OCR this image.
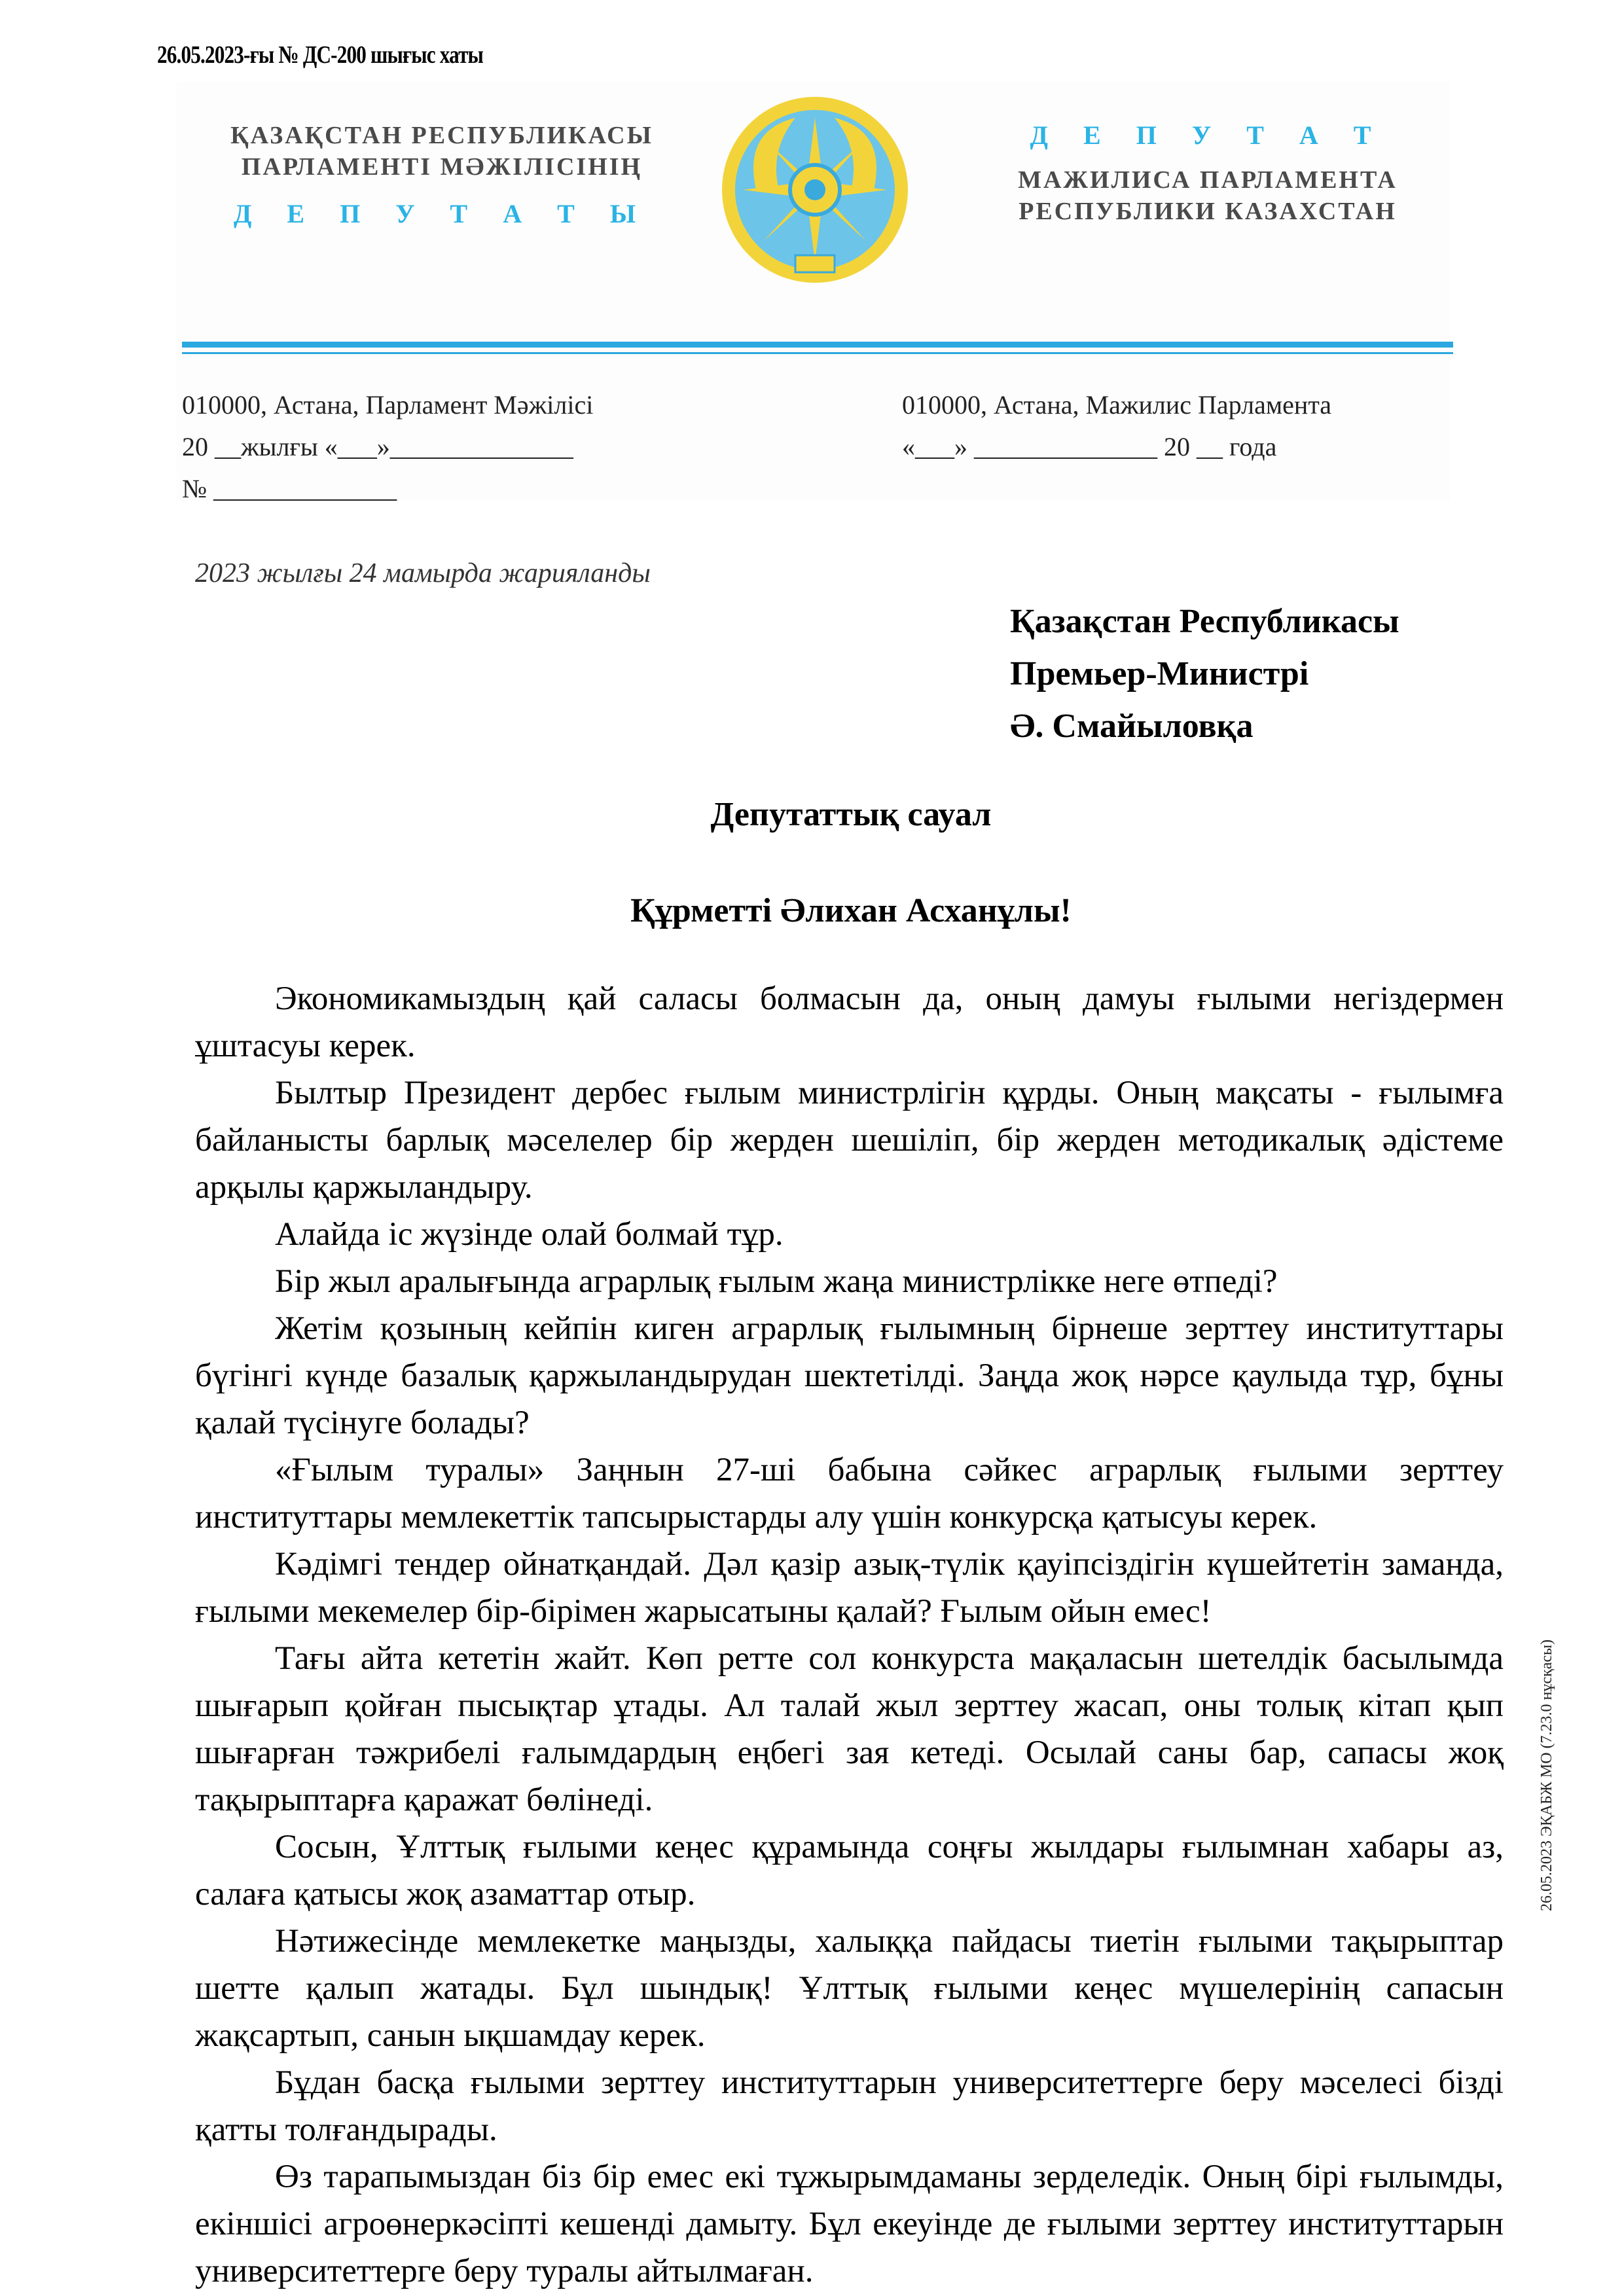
26.05.2023-ғы № ДС-200 шығыс хаты
ҚАЗАҚСТАН РЕСПУБЛИКАСЫ
ПАРЛАМЕНТІ МӘЖІЛІСІНІҢ
Д Е П У Т А Т Ы
Д Е П У Т А Т
МАЖИЛИСА ПАРЛАМЕНТА
РЕСПУБЛИКИ КАЗАХСТАН
010000, Астана, Парламент Мәжілісі
20 __жылғы «___»______________
№ ______________
010000, Астана, Мажилис Парламента
«___» ______________ 20 __ года
2023 жылғы 24 мамырда жарияланды
Қазақстан Республикасы
Премьер-Министрі
Ә. Смайыловқа
Депутаттық сауал
Құрметті Әлихан Асханұлы!

Экономикамыздың қай саласы болмасын да, оның дамуы ғылыми негіздермен ұштасуы керек.

Былтыр Президент дербес ғылым министрлігін құрды. Оның мақсаты - ғылымға байланысты барлық мәселелер бір жерден шешіліп, бір жерден методикалық әдістеме арқылы қаржыландыру.

Алайда іс жүзінде олай болмай тұр.

Бір жыл аралығында аграрлық ғылым жаңа министрлікке неге өтпеді?

Жетім қозының кейпін киген аграрлық ғылымның бірнеше зерттеу институттары бүгінгі күнде базалық қаржыландырудан шектетілді. Заңда жоқ нәрсе қаулыда тұр, бұны қалай түсінуге болады?

«Ғылым туралы» Заңнын 27-ші бабына сәйкес аграрлық ғылыми зерттеу институттары мемлекеттік тапсырыстарды алу үшін конкурсқа қатысуы керек.

Кәдімгі тендер ойнатқандай. Дәл қазір азық-түлік қауіпсіздігін күшейтетін заманда, ғылыми мекемелер бір-бірімен жарысатыны қалай? Ғылым ойын емес!

Тағы айта кететін жайт. Көп ретте сол конкурста мақаласын шетелдік басылымда шығарып қойған пысықтар ұтады. Ал талай жыл зерттеу жасап, оны толық кітап қып шығарған тәжрибелі ғалымдардың еңбегі зая кетеді. Осылай саны бар, сапасы жоқ тақырыптарға қаражат бөлінеді.

Сосын, Ұлттық ғылыми кеңес құрамында соңғы жылдары ғылымнан хабары аз, салаға қатысы жоқ азаматтар отыр.

Нәтижесінде мемлекетке маңызды, халыққа пайдасы тиетін ғылыми тақырыптар шетте қалып жатады. Бұл шындық! Ұлттық ғылыми кеңес мүшелерінің сапасын жақсартып, санын ықшамдау керек.

Бұдан басқа ғылыми зерттеу институттарын университеттерге беру мәселесі бізді қатты толғандырады.

Өз тарапымыздан біз бір емес екі тұжырымдаманы зерделедік. Оның бірі ғылымды, екіншісі агроөнеркәсіпті кешенді дамыту. Бұл екеуінде де ғылыми зерттеу институттарын университеттерге беру туралы айтылмаған.

26.05.2023 ЭҚАБЖ МО (7.23.0 нұсқасы)
